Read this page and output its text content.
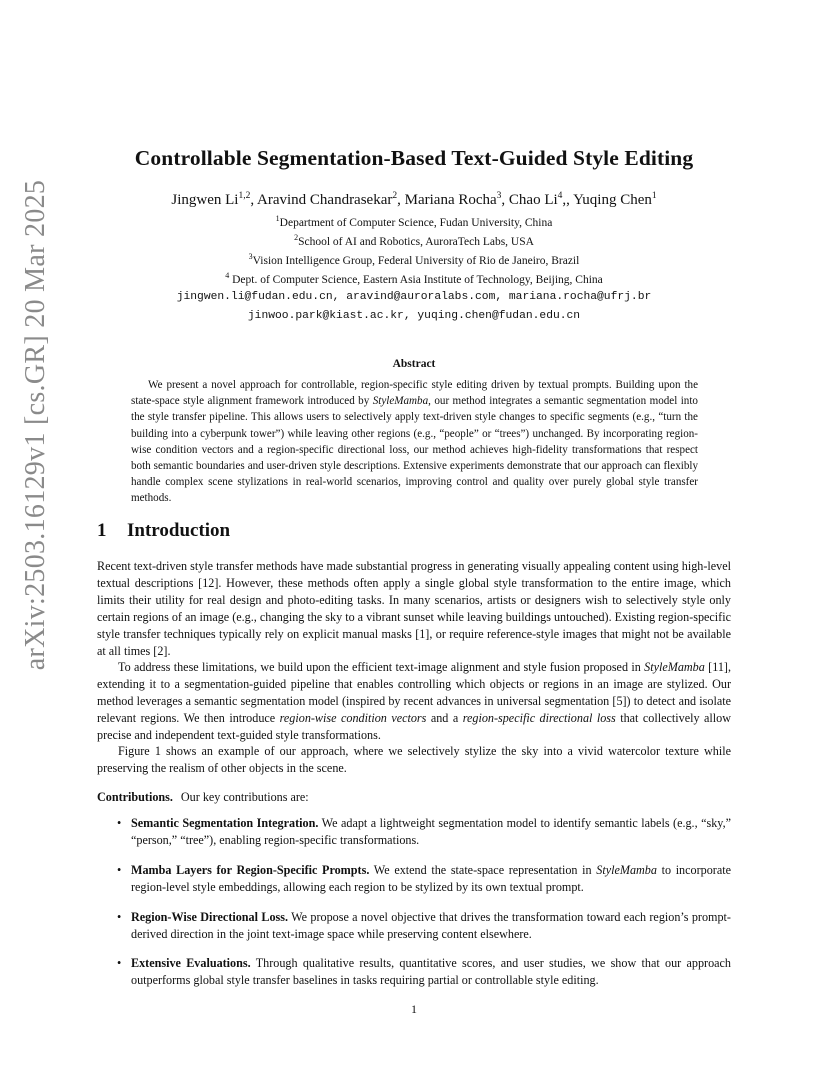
arXiv:2503.16129v1 [cs.GR] 20 Mar 2025
Controllable Segmentation-Based Text-Guided Style Editing
Jingwen Li$^{1,2}$, Aravind Chandrasekar$^2$, Mariana Rocha$^3$, Chao Li$^4$,, Yuqing Chen$^1$
$^1$Department of Computer Science, Fudan University, China
$^2$School of AI and Robotics, AuroraTech Labs, USA
$^3$Vision Intelligence Group, Federal University of Rio de Janeiro, Brazil
$^4$ Dept. of Computer Science, Eastern Asia Institute of Technology, Beijing, China
jingwen.li@fudan.edu.cn, aravind@auroralabs.com, mariana.rocha@ufrj.br
jinwoo.park@kiast.ac.kr, yuqing.chen@fudan.edu.cn
Abstract

We present a novel approach for controllable, region-specific style editing driven by textual prompts. Building upon the state-space style alignment framework introduced by StyleMamba, our method integrates a semantic segmentation model into the style transfer pipeline. This allows users to selectively apply text-driven style changes to specific segments (e.g., “turn the building into a cyberpunk tower”) while leaving other regions (e.g., “people” or “trees”) unchanged. By incorporating region-wise condition vectors and a region-specific directional loss, our method achieves high-fidelity transformations that respect both semantic boundaries and user-driven style descriptions. Extensive experiments demonstrate that our approach can flexibly handle complex scene stylizations in real-world scenarios, improving control and quality over purely global style transfer methods.

1 Introduction

Recent text-driven style transfer methods have made substantial progress in generating visually appealing content using high-level textual descriptions [12]. However, these methods often apply a single global style transformation to the entire image, which limits their utility for real design and photo-editing tasks. In many scenarios, artists or designers wish to selectively style only certain regions of an image (e.g., changing the sky to a vibrant sunset while leaving buildings untouched). Existing region-specific style transfer techniques typically rely on explicit manual masks [1], or require reference-style images that might not be available at all times [2].

To address these limitations, we build upon the efficient text-image alignment and style fusion proposed in StyleMamba [11], extending it to a segmentation-guided pipeline that enables controlling which objects or regions in an image are stylized. Our method leverages a semantic segmentation model (inspired by recent advances in universal segmentation [5]) to detect and isolate relevant regions. We then introduce region-wise condition vectors and a region-specific directional loss that collectively allow precise and independent text-guided style transformations.

Figure 1 shows an example of our approach, where we selectively stylize the sky into a vivid watercolor texture while preserving the realism of other objects in the scene.

Contributions. Our key contributions are:

• Semantic Segmentation Integration. We adapt a lightweight segmentation model to identify semantic labels (e.g., “sky,” “person,” “tree”), enabling region-specific transformations.
• Mamba Layers for Region-Specific Prompts. We extend the state-space representation in StyleMamba to incorporate region-level style embeddings, allowing each region to be stylized by its own textual prompt.
• Region-Wise Directional Loss. We propose a novel objective that drives the transformation toward each region’s prompt-derived direction in the joint text-image space while preserving content elsewhere.
• Extensive Evaluations. Through qualitative results, quantitative scores, and user studies, we show that our approach outperforms global style transfer baselines in tasks requiring partial or controllable style editing.
1
